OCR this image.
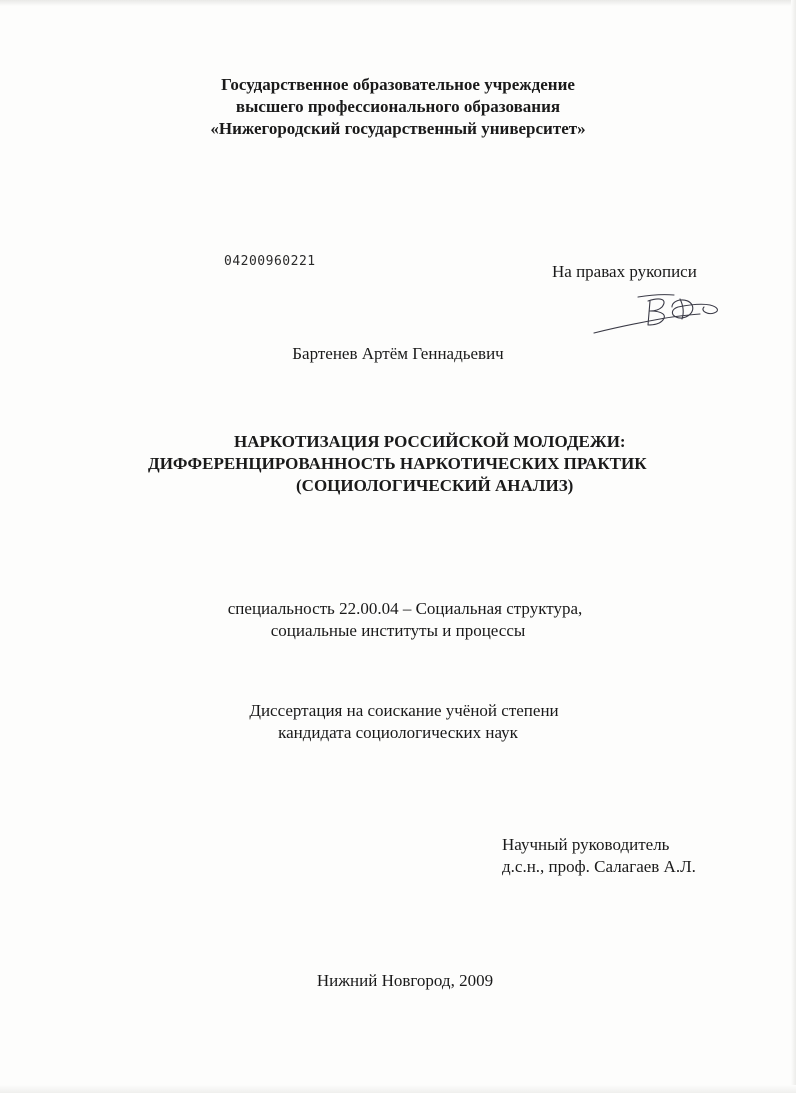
Государственное образовательное учреждение
высшего профессионального образования
«Нижегородский государственный университет»
04200960221
На правах рукописи
Бартенев Артём Геннадьевич
НАРКОТИЗАЦИЯ РОССИЙСКОЙ МОЛОДЕЖИ:
ДИФФЕРЕНЦИРОВАННОСТЬ НАРКОТИЧЕСКИХ ПРАКТИК
(СОЦИОЛОГИЧЕСКИЙ АНАЛИЗ)
специальность 22.00.04 – Социальная структура,
социальные институты и процессы
Диссертация на соискание учёной степени
кандидата социологических наук
Научный руководитель
д.с.н., проф. Салагаев А.Л.
Нижний Новгород, 2009
